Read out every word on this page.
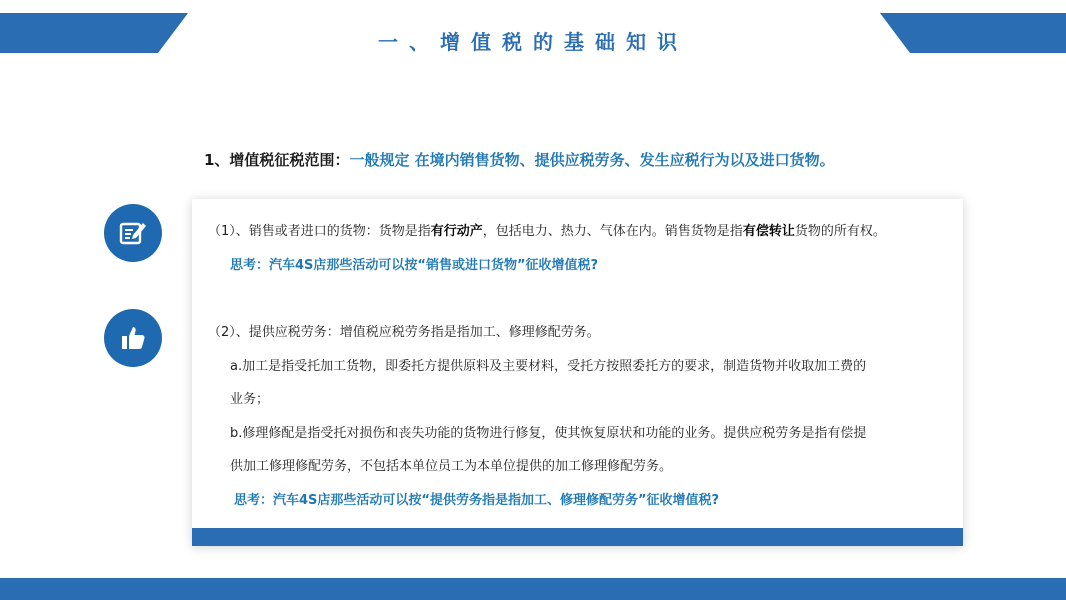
一、增值税的基础知识
1、增值税征税范围：一般规定 在境内销售货物、提供应税劳务、发生应税行为以及进口货物。
（1）、销售或者进口的货物：货物是指有行动产，包括电力、热力、气体在内。销售货物是指有偿转让货物的所有权。
思考：汽车4S店那些活动可以按“销售或进口货物”征收增值税?
（2）、提供应税劳务：增值税应税劳务指是指加工、修理修配劳务。
a.加工是指受托加工货物，即委托方提供原料及主要材料，受托方按照委托方的要求，制造货物并收取加工费的
业务；
b.修理修配是指受托对损伤和丧失功能的货物进行修复，使其恢复原状和功能的业务。提供应税劳务是指有偿提
供加工修理修配劳务，不包括本单位员工为本单位提供的加工修理修配劳务。
思考：汽车4S店那些活动可以按“提供劳务指是指加工、修理修配劳务”征收增值税?
